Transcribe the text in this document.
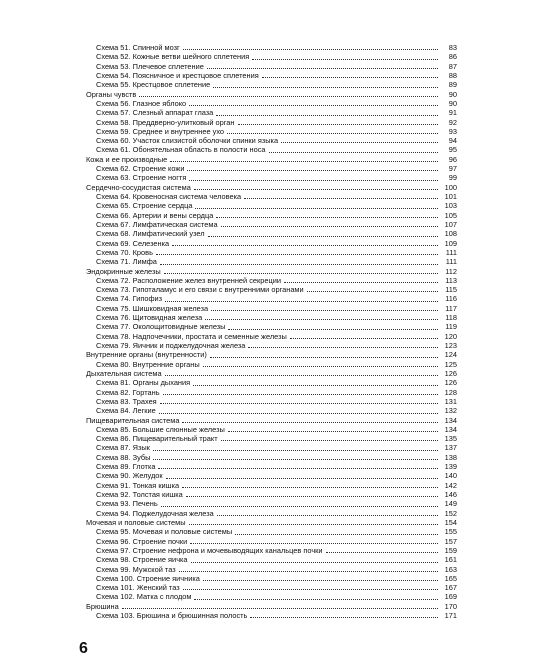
Схема 51. Спинной мозг	83
Схема 52. Кожные ветви шейного сплетения	86
Схема 53. Плечевое сплетение	87
Схема 54. Поясничное и крестцовое сплетения	88
Схема 55. Крестцовое сплетение	89
Органы чувств	90
Схема 56. Глазное яблоко	90
Схема 57. Слезный аппарат глаза	91
Схема 58. Преддверно-улитковый орган	92
Схема 59. Среднее и внутреннее ухо	93
Схема 60. Участок слизистой оболочки спинки языка	94
Схема 61. Обонятельная область в полости носа	95
Кожа и ее производные	96
Схема 62. Строение кожи	97
Схема 63. Строение ногтя	99
Сердечно-сосудистая система	100
Схема 64. Кровеносная система человека	101
Схема 65. Строение сердца	103
Схема 66. Артерии и вены сердца	105
Схема 67. Лимфатическая система	107
Схема 68. Лимфатический узел	108
Схема 69. Селезенка	109
Схема 70. Кровь	111
Схема 71. Лимфа	111
Эндокринные железы	112
Схема 72. Расположение желез внутренней секреции	113
Схема 73. Гипоталамус и его связи с внутренними органами	115
Схема 74. Гипофиз	116
Схема 75. Шишковидная железа	117
Схема 76. Щитовидная железа	118
Схема 77. Околощитовидные железы	119
Схема 78. Надпочечники, простата и семенные железы	120
Схема 79. Яичник и поджелудочная железа	123
Внутренние органы (внутренности)	124
Схема 80. Внутренние органы	125
Дыхательная система	126
Схема 81. Органы дыхания	126
Схема 82. Гортань	128
Схема 83. Трахея	131
Схема 84. Легкие	132
Пищеварительная система	134
Схема 85. Большие слюнные железы	134
Схема 86. Пищеварительный тракт	135
Схема 87. Язык	137
Схема 88. Зубы	138
Схема 89. Глотка	139
Схема 90. Желудок	140
Схема 91. Тонкая кишка	142
Схема 92. Толстая кишка	146
Схема 93. Печень	149
Схема 94. Поджелудочная железа	152
Мочевая и половые системы	154
Схема 95. Мочевая и половые системы	155
Схема 96. Строение почки	157
Схема 97. Строение нефрона и мочевыводящих канальцев почки	159
Схема 98. Строение яичка	161
Схема 99. Мужской таз	163
Схема 100. Строение яичника	165
Схема 101. Женский таз	167
Схема 102. Матка с плодом	169
Брюшина	170
Схема 103. Брюшина и брюшинная полость	171
6
